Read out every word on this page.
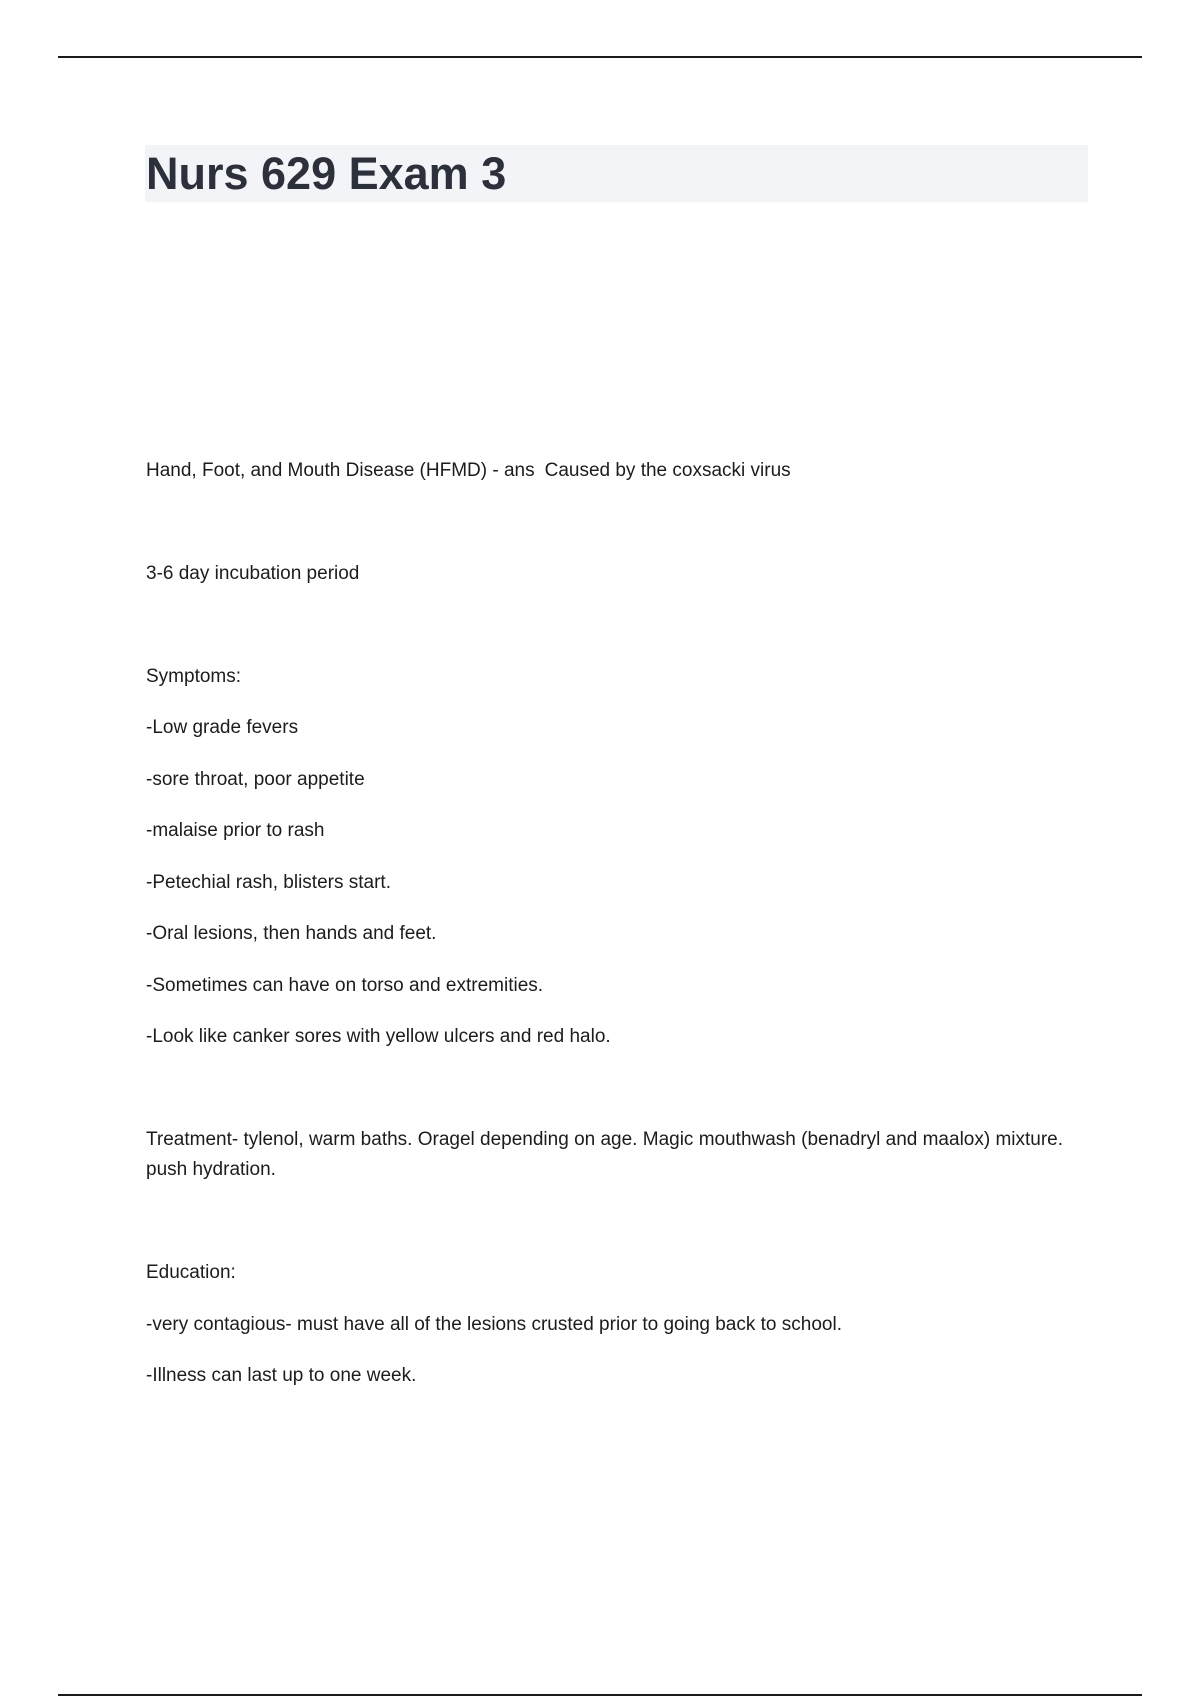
Nurs 629 Exam 3
Hand, Foot, and Mouth Disease (HFMD) - ans Caused by the coxsacki virus
3-6 day incubation period
Symptoms:
-Low grade fevers
-sore throat, poor appetite
-malaise prior to rash
-Petechial rash, blisters start.
-Oral lesions, then hands and feet.
-Sometimes can have on torso and extremities.
-Look like canker sores with yellow ulcers and red halo.
Treatment- tylenol, warm baths. Oragel depending on age. Magic mouthwash (benadryl and maalox) mixture. push hydration.
Education:
-very contagious- must have all of the lesions crusted prior to going back to school.
-Illness can last up to one week.
